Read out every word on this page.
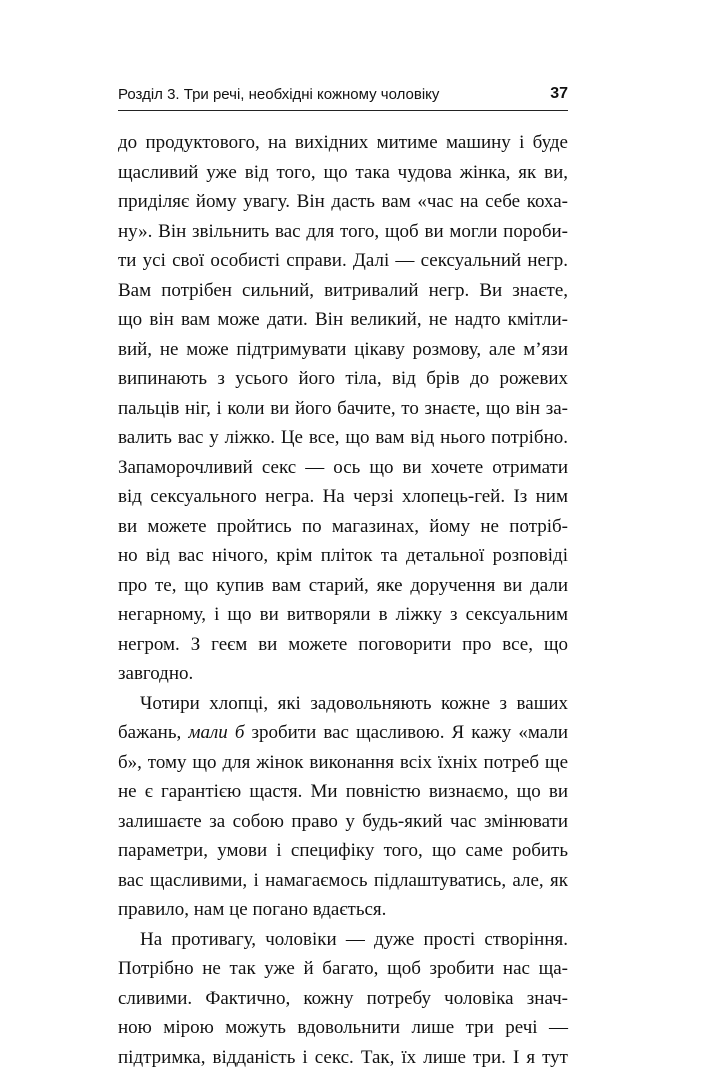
Розділ 3. Три речі, необхідні кожному чоловіку	37
до продуктового, на вихідних митиме машину і буде
щасливий уже від того, що така чудова жінка, як ви,
приділяє йому увагу. Він дасть вам «час на себе коха-
ну». Він звільнить вас для того, щоб ви могли пороби-
ти усі свої особисті справи. Далі — сексуальний негр.
Вам потрібен сильний, витривалий негр. Ви знаєте,
що він вам може дати. Він великий, не надто кмітли-
вий, не може підтримувати цікаву розмову, але м’язи
випинають з усього його тіла, від брів до рожевих
пальців ніг, і коли ви його бачите, то знаєте, що він за-
валить вас у ліжко. Це все, що вам від нього потрібно.
Запаморочливий секс — ось що ви хочете отримати
від сексуального негра. На черзі хлопець-гей. Із ним
ви можете пройтись по магазинах, йому не потріб-
но від вас нічого, крім пліток та детальної розповіді
про те, що купив вам старий, яке доручення ви дали
негарному, і що ви витворяли в ліжку з сексуальним
негром. З геєм ви можете поговорити про все, що
завгодно.
Чотири хлопці, які задовольняють кожне з ваших
бажань, мали б зробити вас щасливою. Я кажу «мали
б», тому що для жінок виконання всіх їхніх потреб ще
не є гарантією щастя. Ми повністю визнаємо, що ви
залишаєте за собою право у будь-який час змінювати
параметри, умови і специфіку того, що саме робить
вас щасливими, і намагаємось підлаштуватись, але, як
правило, нам це погано вдається.
На противагу, чоловіки — дуже прості створіння.
Потрібно не так уже й багато, щоб зробити нас ща-
сливими. Фактично, кожну потребу чоловіка знач-
ною мірою можуть вдовольнити лише три речі —
підтримка, відданість і секс. Так, їх лише три. І я тут
